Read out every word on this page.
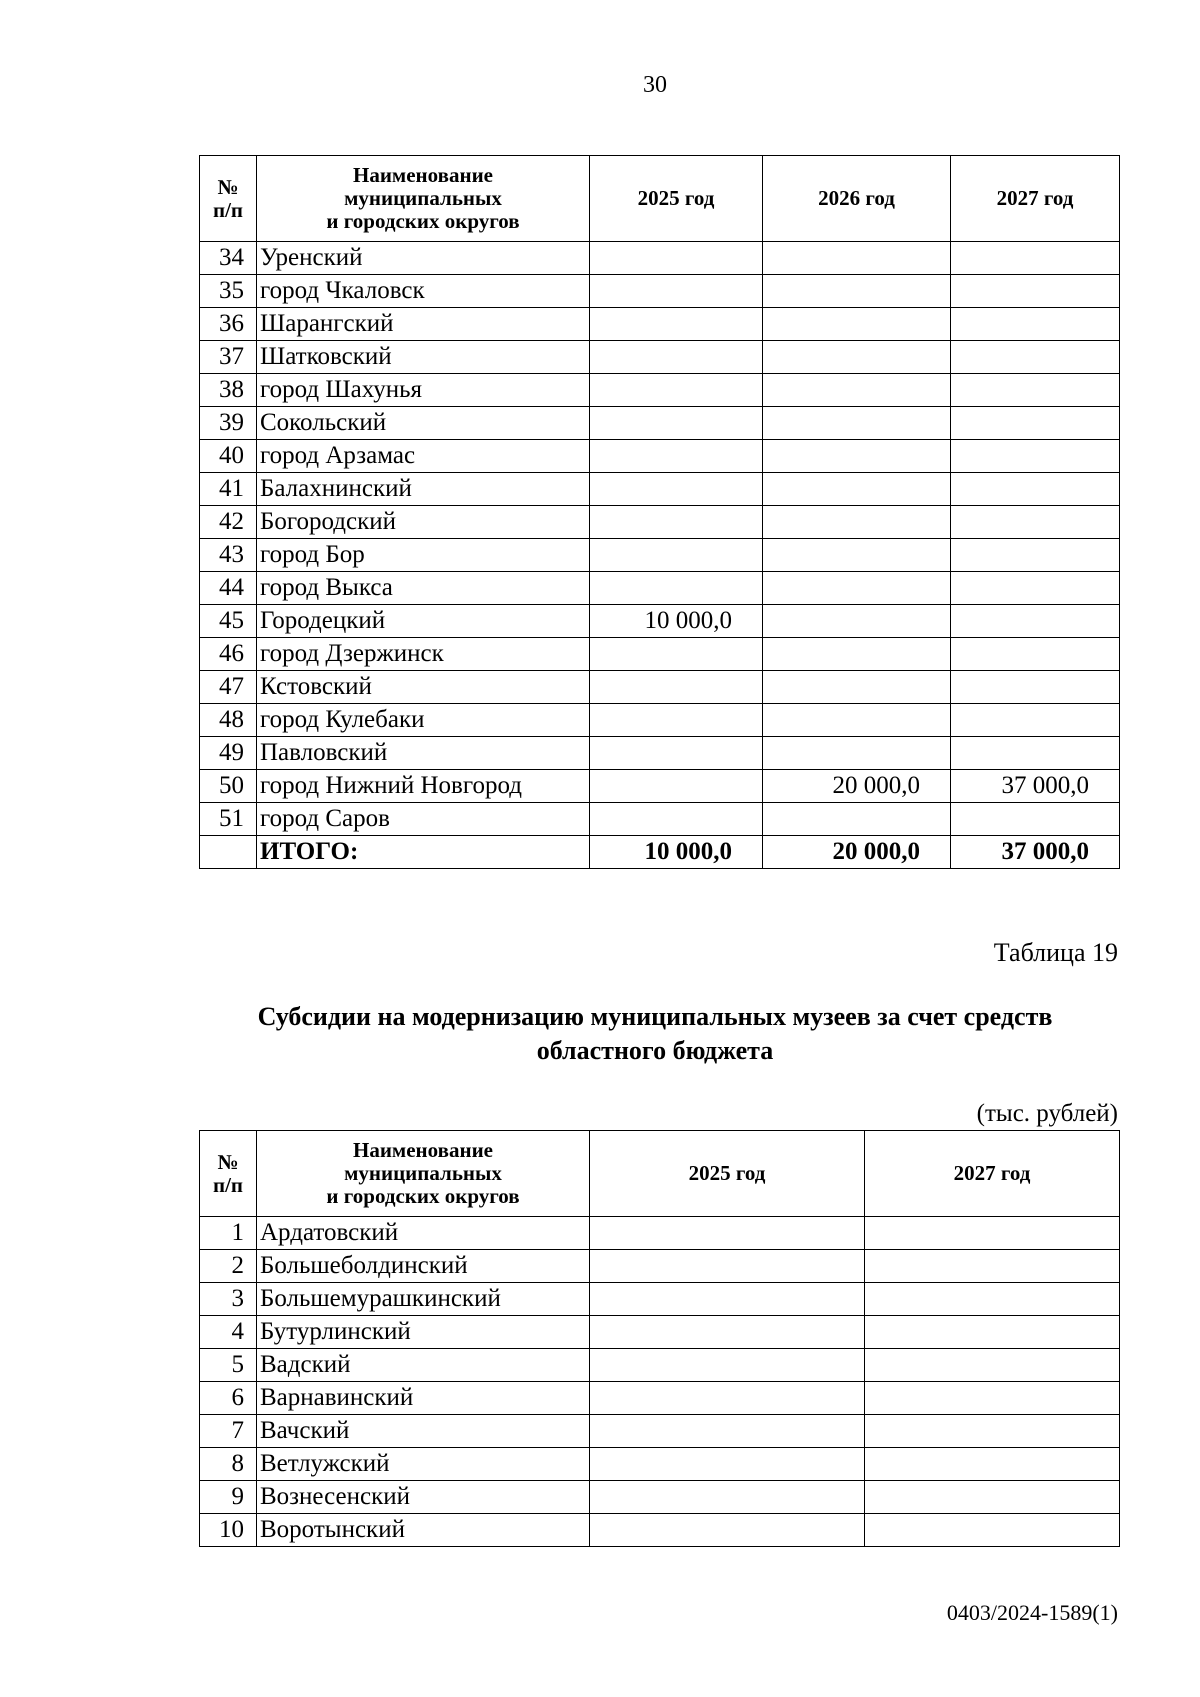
30
№
п/п	Наименование
муниципальных
и городских округов	2025 год	2026 год	2027 год
34	Уренский			
35	город Чкаловск			
36	Шарангский			
37	Шатковский			
38	город Шахунья			
39	Сокольский			
40	город Арзамас			
41	Балахнинский			
42	Богородский			
43	город Бор			
44	город Выкса			
45	Городецкий	10 000,0		
46	город Дзержинск			
47	Кстовский			
48	город Кулебаки			
49	Павловский			
50	город Нижний Новгород		20 000,0	37 000,0
51	город Саров			
	ИТОГО:	10 000,0	20 000,0	37 000,0
Таблица 19
Субсидии на модернизацию муниципальных музеев за счет средств
областного бюджета
(тыс. рублей)
№
п/п	Наименование
муниципальных
и городских округов	2025 год	2027 год
1	Ардатовский		
2	Большеболдинский		
3	Большемурашкинский		
4	Бутурлинский		
5	Вадский		
6	Варнавинский		
7	Вачский		
8	Ветлужский		
9	Вознесенский		
10	Воротынский		
0403/2024-1589(1)
